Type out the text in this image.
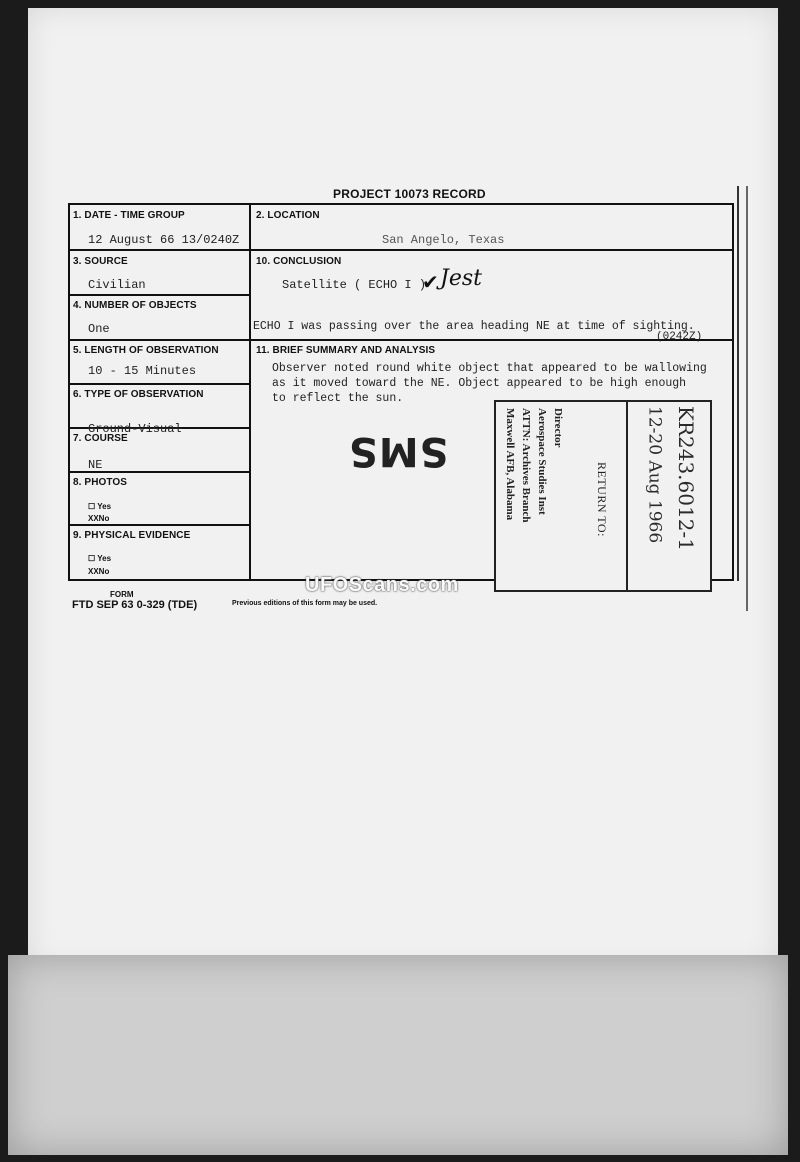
PROJECT 10073 RECORD
1. DATE - TIME GROUP
12 August 66 13/0240Z
2. LOCATION
San Angelo, Texas
3. SOURCE
Civilian
10. CONCLUSION
Satellite ( ECHO I )
✔ Jest
4. NUMBER OF OBJECTS
One	ECHO I was passing over the area heading NE at time of sighting.
(0242Z)
5. LENGTH OF OBSERVATION
10 - 15 Minutes
11. BRIEF SUMMARY AND ANALYSIS
Observer noted round white object that appeared to be wallowing
as it moved toward the NE. Object appeared to be high enough
to reflect the sun.
6. TYPE OF OBSERVATION
Ground-Visual
7. COURSE
NE
8. PHOTOS
☐ Yes
XXNo
9. PHYSICAL EVIDENCE
☐ Yes
XXNo
SMS
Director
Aerospace Studies Inst
ATTN: Archives Branch
Maxwell AFB, Alabama	RETURN TO:	KR243.6012-1
12-20 Aug 1966
UFOScans.com
FORM
FTD SEP 63 0-329 (TDE)	Previous editions of this form may be used.
